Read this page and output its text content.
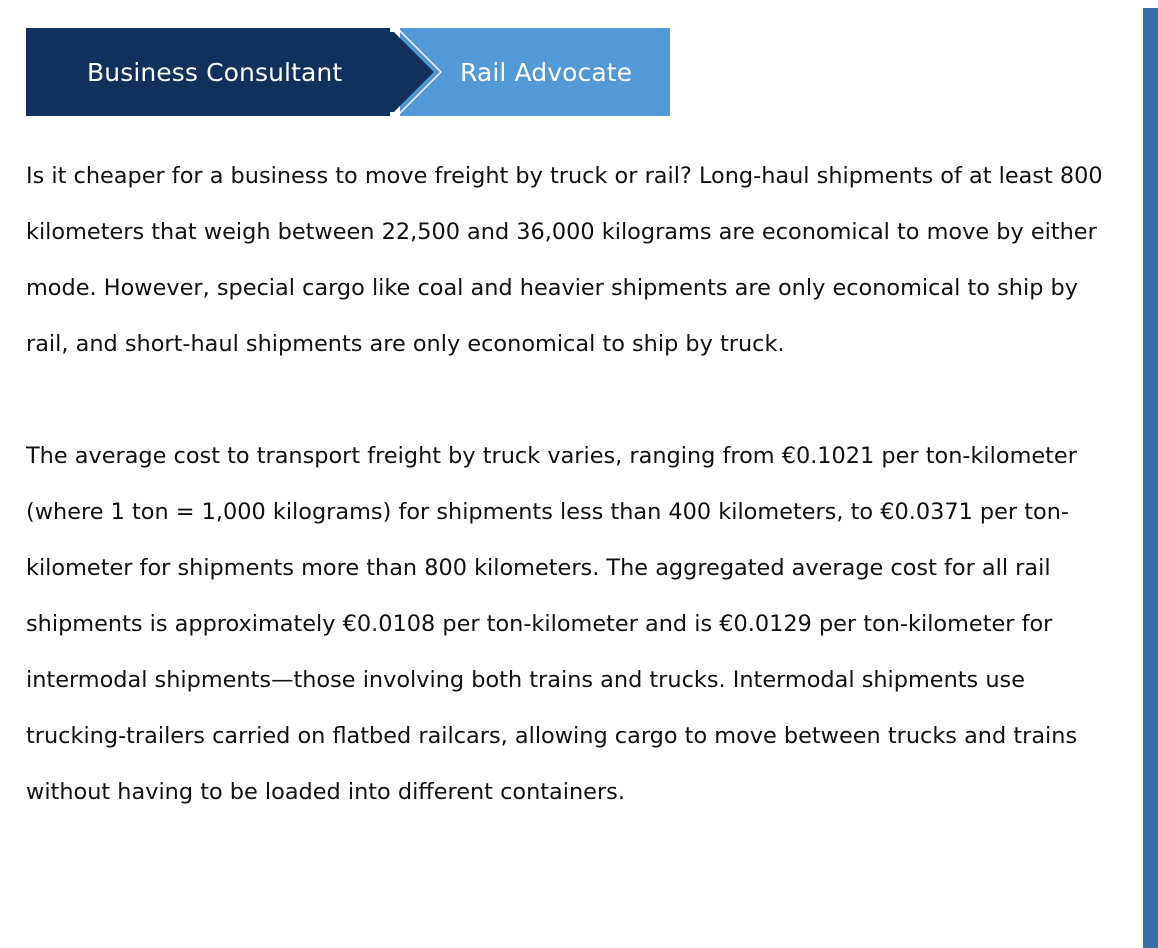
Business Consultant	Rail Advocate

Is it cheaper for a business to move freight by truck or rail? Long-haul shipments of at least 800 kilometers that weigh between 22,500 and 36,000 kilograms are economical to move by either mode. However, special cargo like coal and heavier shipments are only economical to ship by rail, and short-haul shipments are only economical to ship by truck.

The average cost to transport freight by truck varies, ranging from €0.1021 per ton-kilometer (where 1 ton = 1,000 kilograms) for shipments less than 400 kilometers, to €0.0371 per ton-kilometer for shipments more than 800 kilometers. The aggregated average cost for all rail shipments is approximately €0.0108 per ton-kilometer and is €0.0129 per ton-kilometer for intermodal shipments—those involving both trains and trucks. Intermodal shipments use trucking-trailers carried on flatbed railcars, allowing cargo to move between trucks and trains without having to be loaded into different containers.
